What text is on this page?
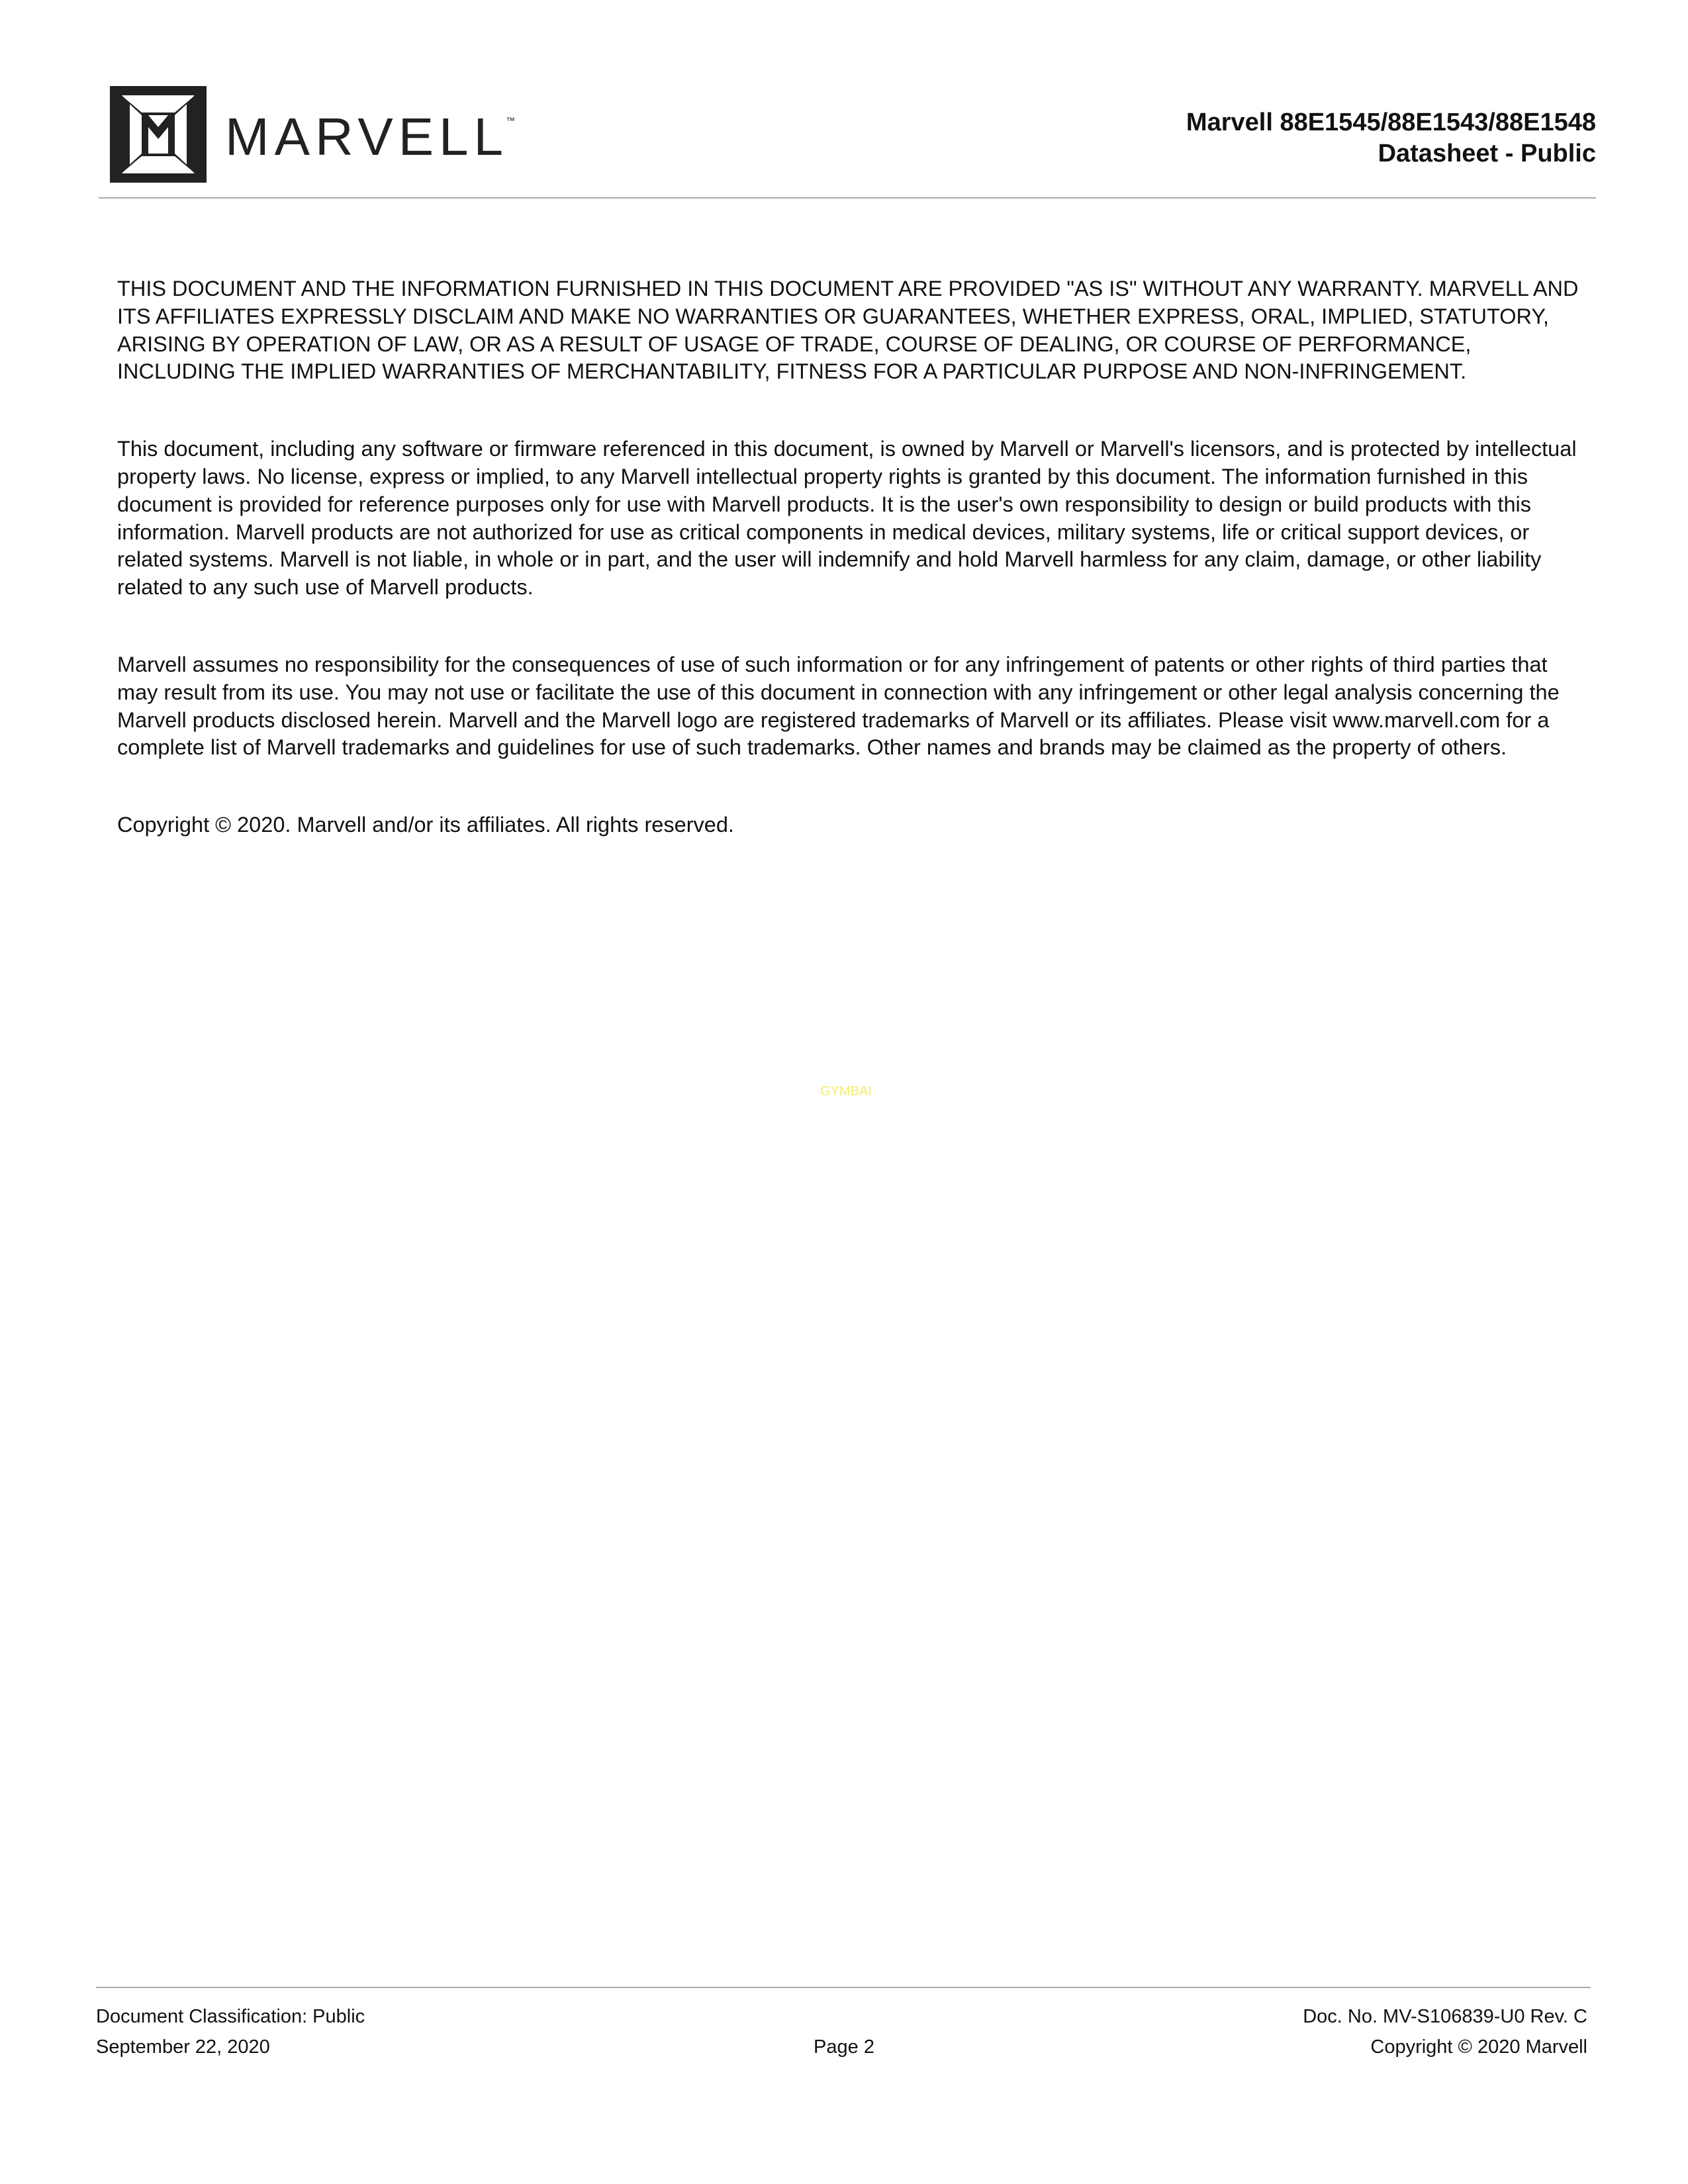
MARVELL™	Marvell 88E1545/88E1543/88E1548
Datasheet - Public

THIS DOCUMENT AND THE INFORMATION FURNISHED IN THIS DOCUMENT ARE PROVIDED "AS IS" WITHOUT ANY WARRANTY. MARVELL AND ITS AFFILIATES EXPRESSLY DISCLAIM AND MAKE NO WARRANTIES OR GUARANTEES, WHETHER EXPRESS, ORAL, IMPLIED, STATUTORY, ARISING BY OPERATION OF LAW, OR AS A RESULT OF USAGE OF TRADE, COURSE OF DEALING, OR COURSE OF PERFORMANCE, INCLUDING THE IMPLIED WARRANTIES OF MERCHANTABILITY, FITNESS FOR A PARTICULAR PURPOSE AND NON-INFRINGEMENT.

This document, including any software or firmware referenced in this document, is owned by Marvell or Marvell's licensors, and is protected by intellectual property laws. No license, express or implied, to any Marvell intellectual property rights is granted by this document. The information furnished in this document is provided for reference purposes only for use with Marvell products. It is the user's own responsibility to design or build products with this information. Marvell products are not authorized for use as critical components in medical devices, military systems, life or critical support devices, or related systems. Marvell is not liable, in whole or in part, and the user will indemnify and hold Marvell harmless for any claim, damage, or other liability related to any such use of Marvell products.

Marvell assumes no responsibility for the consequences of use of such information or for any infringement of patents or other rights of third parties that may result from its use. You may not use or facilitate the use of this document in connection with any infringement or other legal analysis concerning the Marvell products disclosed herein. Marvell and the Marvell logo are registered trademarks of Marvell or its affiliates. Please visit www.marvell.com for a complete list of Marvell trademarks and guidelines for use of such trademarks. Other names and brands may be claimed as the property of others.

Copyright © 2020. Marvell and/or its affiliates. All rights reserved.

GYMBAI
Document Classification: Public
September 22, 2020	Page 2
Doc. No. MV-S106839-U0 Rev. C
Copyright © 2020 Marvell
